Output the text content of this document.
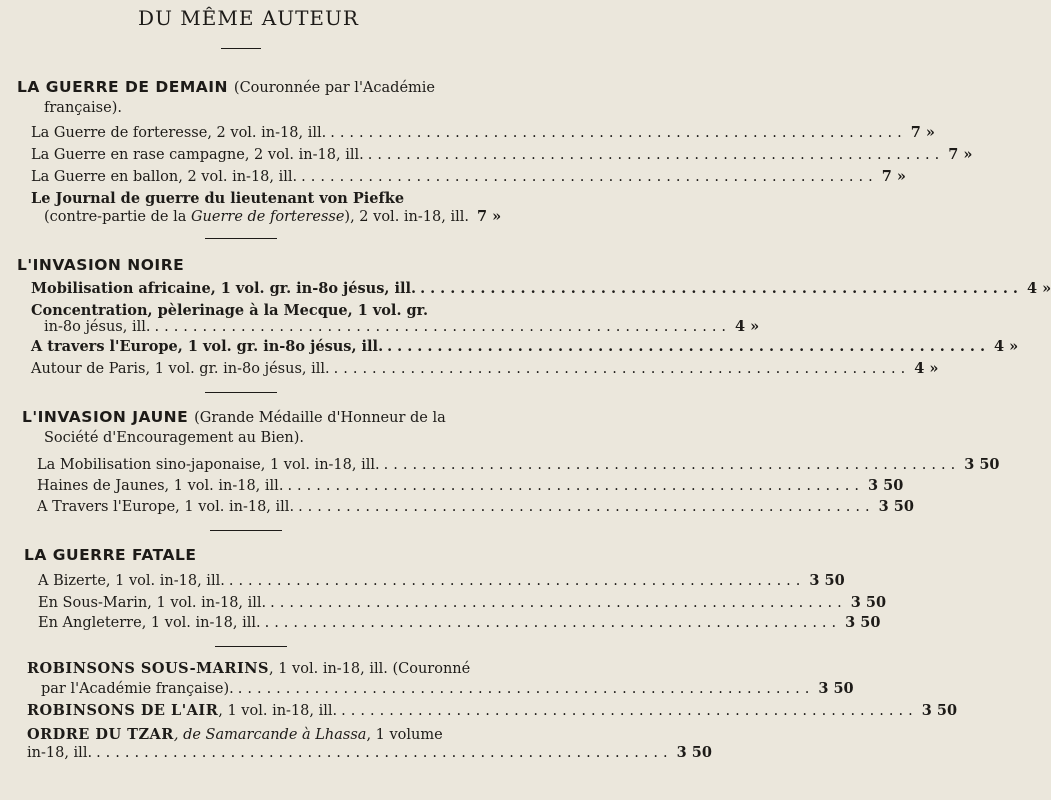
DU MÊME AUTEUR
LA GUERRE DE DEMAIN (Couronnée par l'Académie
française).
La Guerre de forteresse, 2 vol. in-18, ill. ............................................................ 7 »
La Guerre en rase campagne, 2 vol. in-18, ill. ............................................................ 7 »
La Guerre en ballon, 2 vol. in-18, ill. ............................................................ 7 »
Le Journal de guerre du lieutenant von Piefke
(contre-partie de la Guerre de forteresse), 2 vol. in-18, ill. 7 »
L'INVASION NOIRE
Mobilisation africaine, 1 vol. gr. in-8o jésus, ill. ............................................................ 4 »
Concentration, pèlerinage à la Mecque, 1 vol. gr.
in-8o jésus, ill. ............................................................ 4 »
A travers l'Europe, 1 vol. gr. in-8o jésus, ill. ............................................................ 4 »
Autour de Paris, 1 vol. gr. in-8o jésus, ill. ............................................................ 4 »
L'INVASION JAUNE (Grande Médaille d'Honneur de la
Société d'Encouragement au Bien).
La Mobilisation sino-japonaise, 1 vol. in-18, ill. ............................................................ 3 50
Haines de Jaunes, 1 vol. in-18, ill. ............................................................ 3 50
A Travers l'Europe, 1 vol. in-18, ill. ............................................................ 3 50
LA GUERRE FATALE
A Bizerte, 1 vol. in-18, ill. ............................................................ 3 50
En Sous-Marin, 1 vol. in-18, ill. ............................................................ 3 50
En Angleterre, 1 vol. in-18, ill. ............................................................ 3 50
ROBINSONS SOUS-MARINS, 1 vol. in-18, ill. (Couronné
par l'Académie française). ............................................................ 3 50
ROBINSONS DE L'AIR, 1 vol. in-18, ill. ............................................................ 3 50
ORDRE DU TZAR, de Samarcande à Lhassa, 1 volume
in-18, ill. ............................................................ 3 50
